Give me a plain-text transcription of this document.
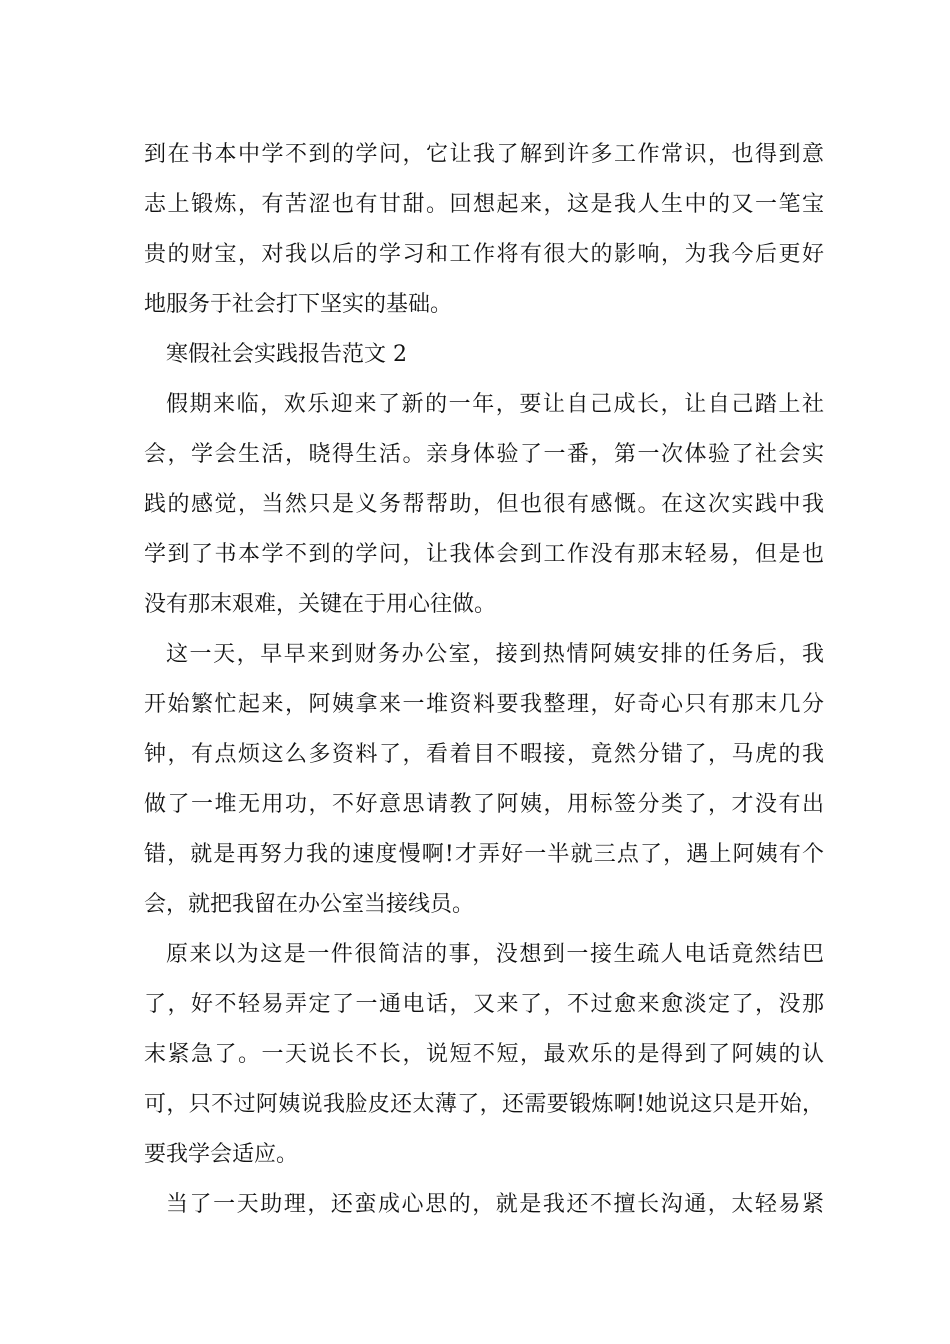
到在书本中学不到的学问，它让我了解到许多工作常识，也得到意
志上锻炼，有苦涩也有甘甜。回想起来，这是我人生中的又一笔宝
贵的财宝，对我以后的学习和工作将有很大的影响，为我今后更好
地服务于社会打下坚实的基础。
寒假社会实践报告范文 2
假期来临，欢乐迎来了新的一年，要让自己成长，让自己踏上社
会，学会生活，晓得生活。亲身体验了一番，第一次体验了社会实
践的感觉，当然只是义务帮帮助，但也很有感慨。在这次实践中我
学到了书本学不到的学问，让我体会到工作没有那末轻易，但是也
没有那末艰难，关键在于用心往做。
这一天，早早来到财务办公室，接到热情阿姨安排的任务后，我
开始繁忙起来，阿姨拿来一堆资料要我整理，好奇心只有那末几分
钟，有点烦这么多资料了，看着目不暇接，竟然分错了，马虎的我
做了一堆无用功，不好意思请教了阿姨，用标签分类了，才没有出
错，就是再努力我的速度慢啊!才弄好一半就三点了，遇上阿姨有个
会，就把我留在办公室当接线员。
原来以为这是一件很简洁的事，没想到一接生疏人电话竟然结巴
了，好不轻易弄定了一通电话，又来了，不过愈来愈淡定了，没那
末紧急了。一天说长不长，说短不短，最欢乐的是得到了阿姨的认
可，只不过阿姨说我脸皮还太薄了，还需要锻炼啊!她说这只是开始，
要我学会适应。
当了一天助理，还蛮成心思的，就是我还不擅长沟通，太轻易紧
